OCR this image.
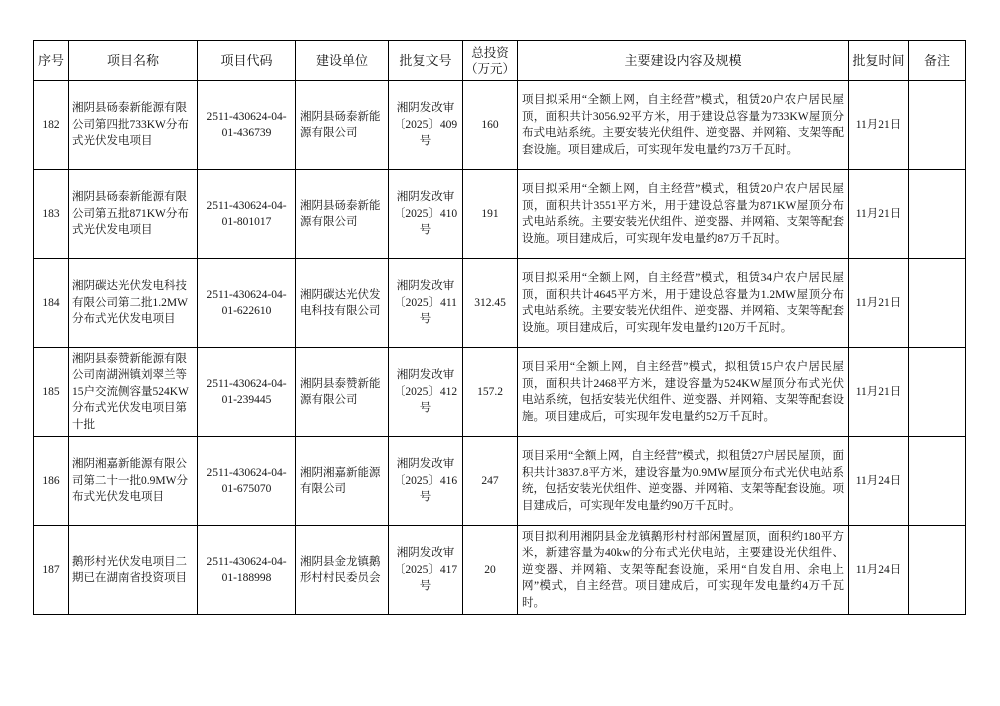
序号	项目名称	项目代码	建设单位	批复文号	总投资（万元）	主要建设内容及规模	批复时间	备注
182	湘阴县砀泰新能源有限公司第四批733KW分布式光伏发电项目	2511-430624-04-01-436739	湘阴县砀泰新能源有限公司	湘阴发改审〔2025〕409号	160	项目拟采用“全额上网，自主经营”模式，租赁20户农户居民屋顶，面积共计3056.92平方米，用于建设总容量为733KW屋顶分布式电站系统。主要安装光伏组件、逆变器、并网箱、支架等配套设施。项目建成后，可实现年发电量约73万千瓦时。	11月21日	
183	湘阴县砀泰新能源有限公司第五批871KW分布式光伏发电项目	2511-430624-04-01-801017	湘阴县砀泰新能源有限公司	湘阴发改审〔2025〕410号	191	项目拟采用“全额上网，自主经营”模式，租赁20户农户居民屋顶，面积共计3551平方米，用于建设总容量为871KW屋顶分布式电站系统。主要安装光伏组件、逆变器、并网箱、支架等配套设施。项目建成后，可实现年发电量约87万千瓦时。	11月21日	
184	湘阴碳达光伏发电科技有限公司第二批1.2MW分布式光伏发电项目	2511-430624-04-01-622610	湘阴碳达光伏发电科技有限公司	湘阴发改审〔2025〕411号	312.45	项目拟采用“全额上网，自主经营”模式，租赁34户农户居民屋顶，面积共计4645平方米，用于建设总容量为1.2MW屋顶分布式电站系统。主要安装光伏组件、逆变器、并网箱、支架等配套设施。项目建成后，可实现年发电量约120万千瓦时。	11月21日	
185	湘阴县泰赞新能源有限公司南湖洲镇刘翠兰等15户交流侧容量524KW分布式光伏发电项目第十批	2511-430624-04-01-239445	湘阴县泰赞新能源有限公司	湘阴发改审〔2025〕412号	157.2	项目采用“全额上网，自主经营”模式，拟租赁15户农户居民屋顶，面积共计2468平方米，建设容量为524KW屋顶分布式光伏电站系统，包括安装光伏组件、逆变器、并网箱、支架等配套设施。项目建成后，可实现年发电量约52万千瓦时。	11月21日	
186	湘阴湘嘉新能源有限公司第二十一批0.9MW分布式光伏发电项目	2511-430624-04-01-675070	湘阴湘嘉新能源有限公司	湘阴发改审〔2025〕416号	247	项目采用“全额上网，自主经营”模式，拟租赁27户居民屋顶，面积共计3837.8平方米，建设容量为0.9MW屋顶分布式光伏电站系统，包括安装光伏组件、逆变器、并网箱、支架等配套设施。项目建成后，可实现年发电量约90万千瓦时。	11月24日	
187	鹅形村光伏发电项目二期已在湖南省投资项目	2511-430624-04-01-188998	湘阴县金龙镇鹅形村村民委员会	湘阴发改审〔2025〕417号	20	项目拟利用湘阴县金龙镇鹅形村村部闲置屋顶，面积约180平方米，新建容量为40kw的分布式光伏电站，主要建设光伏组件、逆变器、并网箱、支架等配套设施，采用“自发自用、余电上网”模式，自主经营。项目建成后，可实现年发电量约4万千瓦时。	11月24日	
